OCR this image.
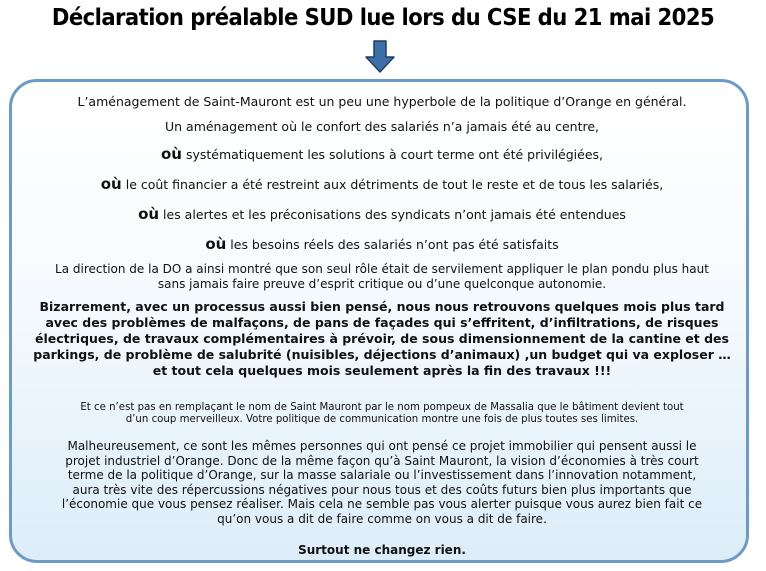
Déclaration préalable SUD lue lors du CSE du 21 mai 2025
L’aménagement de Saint-Mauront est un peu une hyperbole de la politique d’Orange en général.
Un aménagement où le confort des salariés n’a jamais été au centre,
où systématiquement les solutions à court terme ont été privilégiées,
où le coût financier a été restreint aux détriments de tout le reste et de tous les salariés,
où les alertes et les préconisations des syndicats n’ont jamais été entendues
où les besoins réels des salariés n’ont pas été satisfaits
La direction de la DO a ainsi montré que son seul rôle était de servilement appliquer le plan pondu plus haut
sans jamais faire preuve d’esprit critique ou d’une quelconque autonomie.
Bizarrement, avec un processus aussi bien pensé, nous nous retrouvons quelques mois plus tard
avec des problèmes de malfaçons, de pans de façades qui s’effritent, d’infiltrations, de risques
électriques, de travaux complémentaires à prévoir, de sous dimensionnement de la cantine et des
parkings, de problème de salubrité (nuisibles, déjections d’animaux) ,un budget qui va exploser …
et tout cela quelques mois seulement après la fin des travaux !!!
Et ce n’est pas en remplaçant le nom de Saint Mauront par le nom pompeux de Massalia que le bâtiment devient tout
d’un coup merveilleux. Votre politique de communication montre une fois de plus toutes ses limites.
Malheureusement, ce sont les mêmes personnes qui ont pensé ce projet immobilier qui pensent aussi le
projet industriel d’Orange. Donc de la même façon qu’à Saint Mauront, la vision d’économies à très court
terme de la politique d’Orange, sur la masse salariale ou l’investissement dans l’innovation notamment,
aura très vite des répercussions négatives pour nous tous et des coûts futurs bien plus importants que
l’économie que vous pensez réaliser. Mais cela ne semble pas vous alerter puisque vous aurez bien fait ce
qu’on vous a dit de faire comme on vous a dit de faire.
Surtout ne changez rien.
